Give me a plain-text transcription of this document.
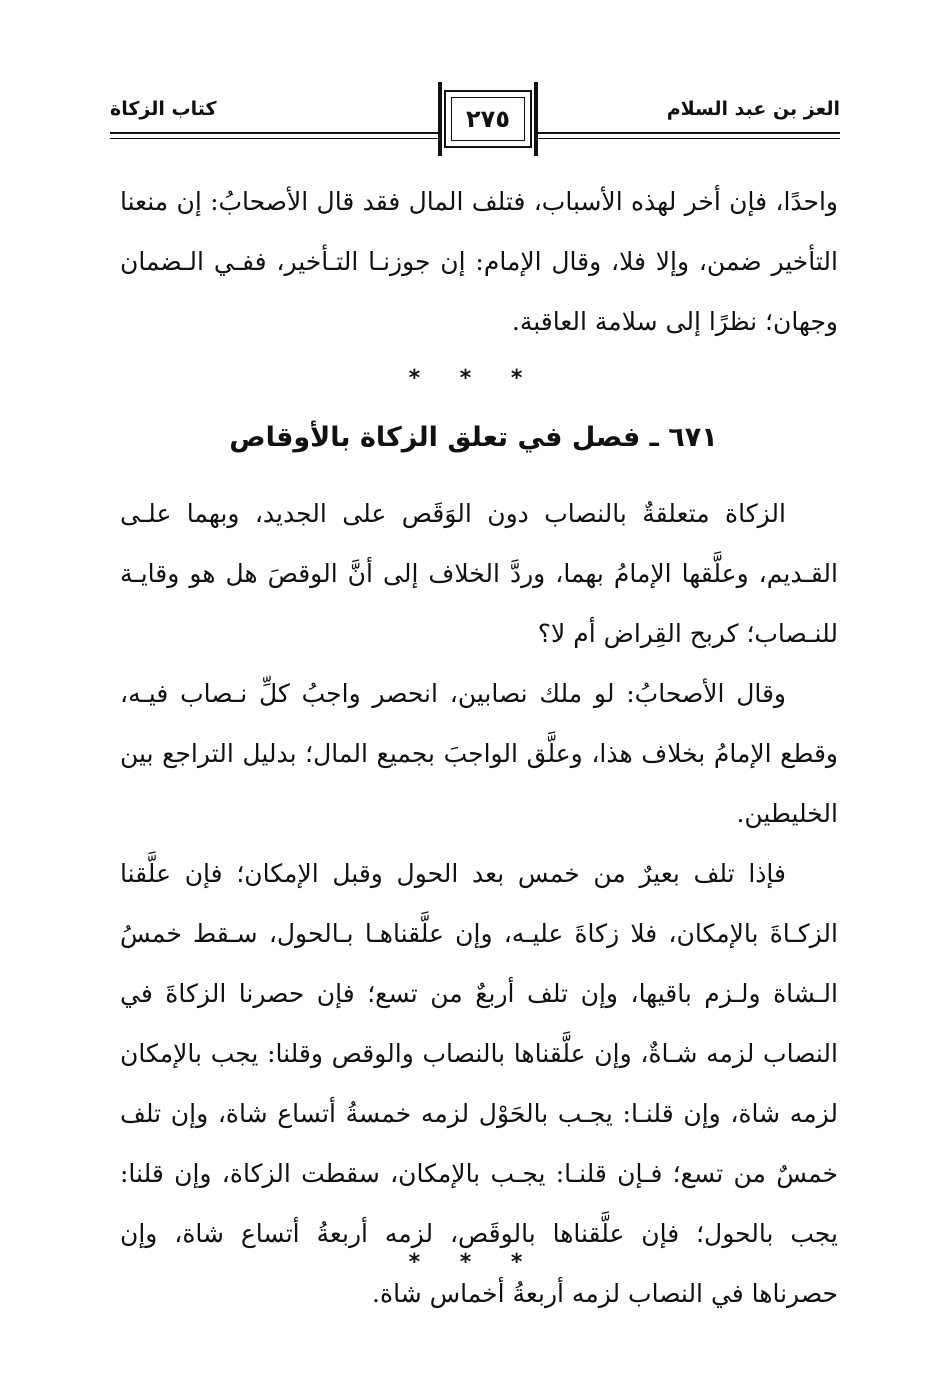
العز بن عبد السلام
كتاب الزكاة	٢٧٥

واحدًا، فإن أخر لهذه الأسباب، فتلف المال فقد قال الأصحابُ: إن منعنا التأخير ضمن، وإلا فلا، وقال الإمام: إن جوزنـا التـأخير، ففـي الـضمان وجهان؛ نظرًا إلى سلامة العاقبة.

* * *
٦٧١ ـ فصل في تعلق الزكاة بالأوقاص

الزكاة متعلقةٌ بالنصاب دون الوَقَص على الجديد، وبهما علـى القـديم، وعلَّقها الإمامُ بهما، وردَّ الخلاف إلى أنَّ الوقصَ هل هو وقايـة للنـصاب؛ كربح القِراض أم لا؟

وقال الأصحابُ: لو ملك نصابين، انحصر واجبُ كلِّ نـصاب فيـه، وقطع الإمامُ بخلاف هذا، وعلَّق الواجبَ بجميع المال؛ بدليل التراجع بين الخليطين.

فإذا تلف بعيرٌ من خمس بعد الحول وقبل الإمكان؛ فإن علَّقنا الزكـاةَ بالإمكان، فلا زكاةَ عليـه، وإن علَّقناهـا بـالحول، سـقط خمسُ الـشاة ولـزم باقيها، وإن تلف أربعٌ من تسع؛ فإن حصرنا الزكاةَ في النصاب لزمه شـاةٌ، وإن علَّقناها بالنصاب والوقص وقلنا: يجب بالإمكان لزمه شاة، وإن قلنـا: يجـب بالحَوْل لزمه خمسةُ أتساع شاة، وإن تلف خمسٌ من تسع؛ فـإن قلنـا: يجـب بالإمكان، سقطت الزكاة، وإن قلنا: يجب بالحول؛ فإن علَّقناها بالوقَص، لزمه أربعةُ أتساع شاة، وإن حصرناها في النصاب لزمه أربعةُ أخماس شاة.

* * *
